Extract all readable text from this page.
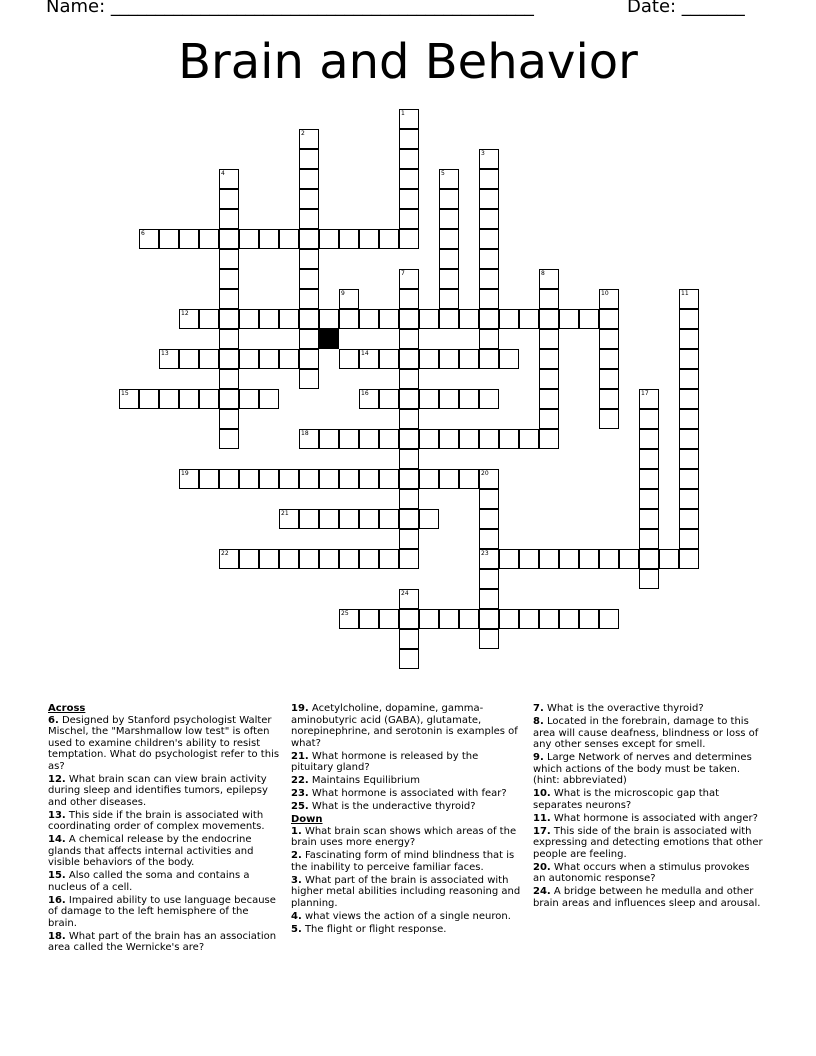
Name: _______________________________________________	Date: _______
Brain and Behavior
1
2
3
4	5
6
7	8
9	10	11
12
13	14
15	16	17
18
19	20
23
21
22
24
25
Across
6. Designed by Stanford psychologist Walter Mischel, the "Marshmallow low test" is often used to examine children's ability to resist temptation. What do psychologist refer to this as?
12. What brain scan can view brain activity during sleep and identifies tumors, epilepsy and other diseases.
13. This side if the brain is associated with coordinating order of complex movements.
14. A chemical release by the endocrine glands that affects internal activities and visible behaviors of the body.
15. Also called the soma and contains a nucleus of a cell.
16. Impaired ability to use language because of damage to the left hemisphere of the brain.
18. What part of the brain has an association area called the Wernicke's are?
19. Acetylcholine, dopamine, gamma-aminobutyric acid (GABA), glutamate, norepinephrine, and serotonin is examples of what?
21. What hormone is released by the pituitary gland?
22. Maintains Equilibrium
23. What hormone is associated with fear?
25. What is the underactive thyroid?
Down
1. What brain scan shows which areas of the brain uses more energy?
2. Fascinating form of mind blindness that is the inability to perceive familiar faces.
3. What part of the brain is associated with higher metal abilities including reasoning and planning.
4. what views the action of a single neuron.
5. The flight or flight response.
7. What is the overactive thyroid?
8. Located in the forebrain, damage to this area will cause deafness, blindness or loss of any other senses except for smell.
9. Large Network of nerves and determines which actions of the body must be taken. (hint: abbreviated)
10. What is the microscopic gap that separates neurons?
11. What hormone is associated with anger?
17. This side of the brain is associated with expressing and detecting emotions that other people are feeling.
20. What occurs when a stimulus provokes an autonomic response?
24. A bridge between he medulla and other brain areas and influences sleep and arousal.
